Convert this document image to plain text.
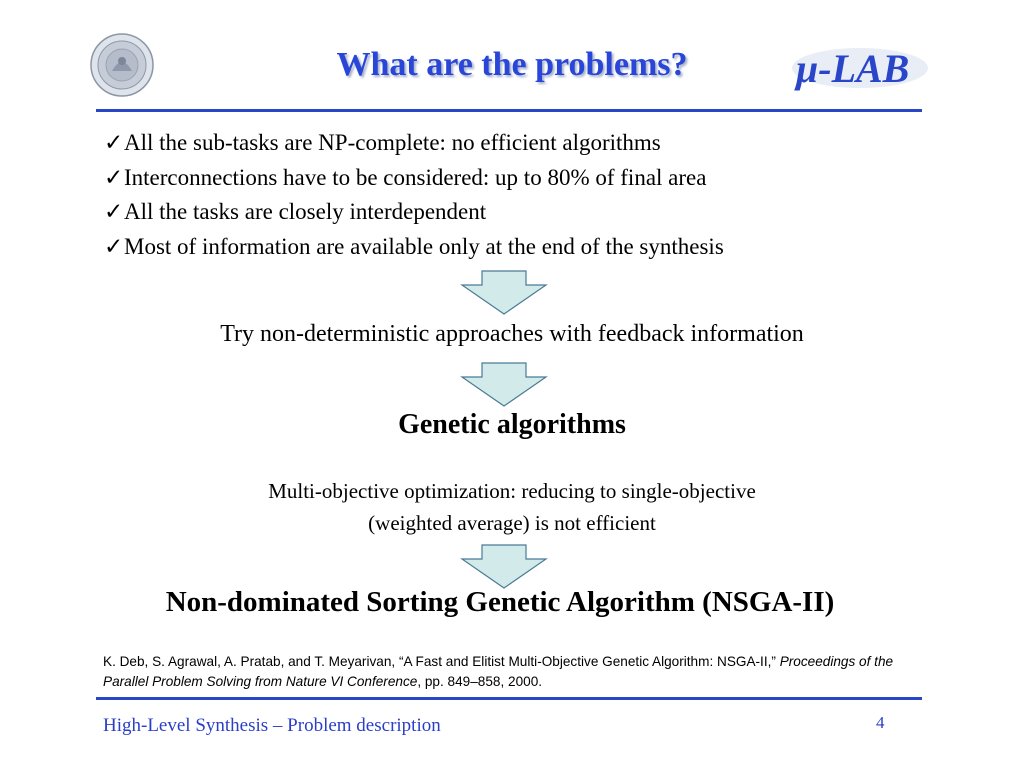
What are the problems?	μ-LAB
✓All the sub-tasks are NP-complete: no efficient algorithms
✓Interconnections have to be considered: up to 80% of final area
✓All the tasks are closely interdependent
✓Most of information are available only at the end of the synthesis
Try non-deterministic approaches with feedback information
Genetic algorithms
Multi-objective optimization: reducing to single-objective
(weighted average) is not efficient
Non-dominated Sorting Genetic Algorithm (NSGA-II)
K. Deb, S. Agrawal, A. Pratab, and T. Meyarivan, “A Fast and Elitist Multi-Objective Genetic Algorithm: NSGA-II,” Proceedings of the Parallel Problem Solving from Nature VI Conference, pp. 849–858, 2000.
High-Level Synthesis – Problem description	4
